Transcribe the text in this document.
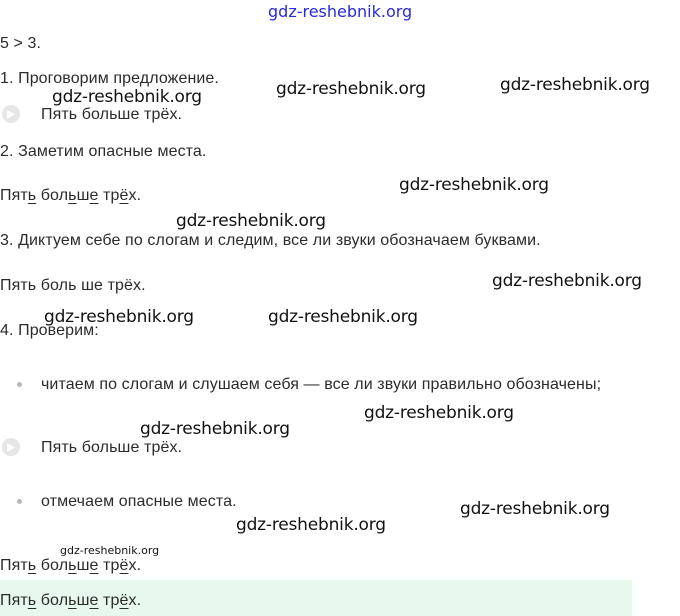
gdz-reshebnik.org
5 > 3.
1. Проговорим предложение.
gdz-reshebnik.org	gdz-reshebnik.org	gdz-reshebnik.org
Пять больше трёх.
2. Заметим опасные места.
Пять больше трёх.
gdz-reshebnik.org
gdz-reshebnik.org
3. Диктуем себе по слогам и следим, все ли звуки обозначаем буквами.
Пять боль ше трёх.	gdz-reshebnik.org
gdz-reshebnik.org	gdz-reshebnik.org
4. Проверим:
читаем по слогам и слушаем себя — все ли звуки правильно обозначены;
gdz-reshebnik.org
gdz-reshebnik.org
Пять больше трёх.
отмечаем опасные места.	gdz-reshebnik.org
gdz-reshebnik.org
gdz-reshebnik.org
Пять больше трёх.
Пять больше трёх.
